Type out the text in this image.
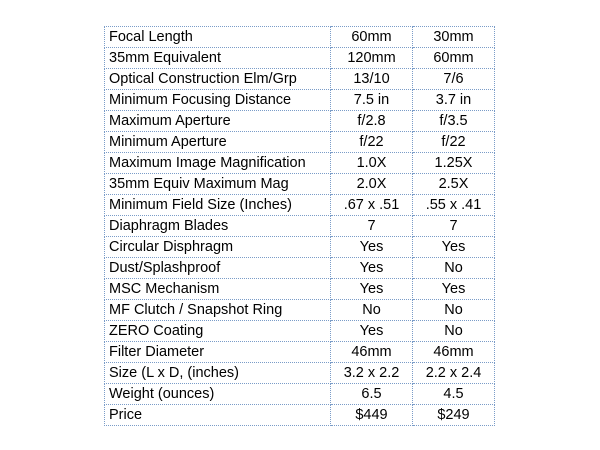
Focal Length	60mm	30mm
35mm Equivalent	120mm	60mm
Optical Construction Elm/Grp	13/10	7/6
Minimum Focusing Distance	7.5 in	3.7 in
Maximum Aperture	f/2.8	f/3.5
Minimum Aperture	f/22	f/22
Maximum Image Magnification	1.0X	1.25X
35mm Equiv Maximum Mag	2.0X	2.5X
Minimum Field Size (Inches)	.67 x .51	.55 x .41
Diaphragm Blades	7	7
Circular Disphragm	Yes	Yes
Dust/Splashproof	Yes	No
MSC Mechanism	Yes	Yes
MF Clutch / Snapshot Ring	No	No
ZERO Coating	Yes	No
Filter Diameter	46mm	46mm
Size (L x D, (inches)	3.2 x 2.2	2.2 x 2.4
Weight (ounces)	6.5	4.5
Price	$449	$249
